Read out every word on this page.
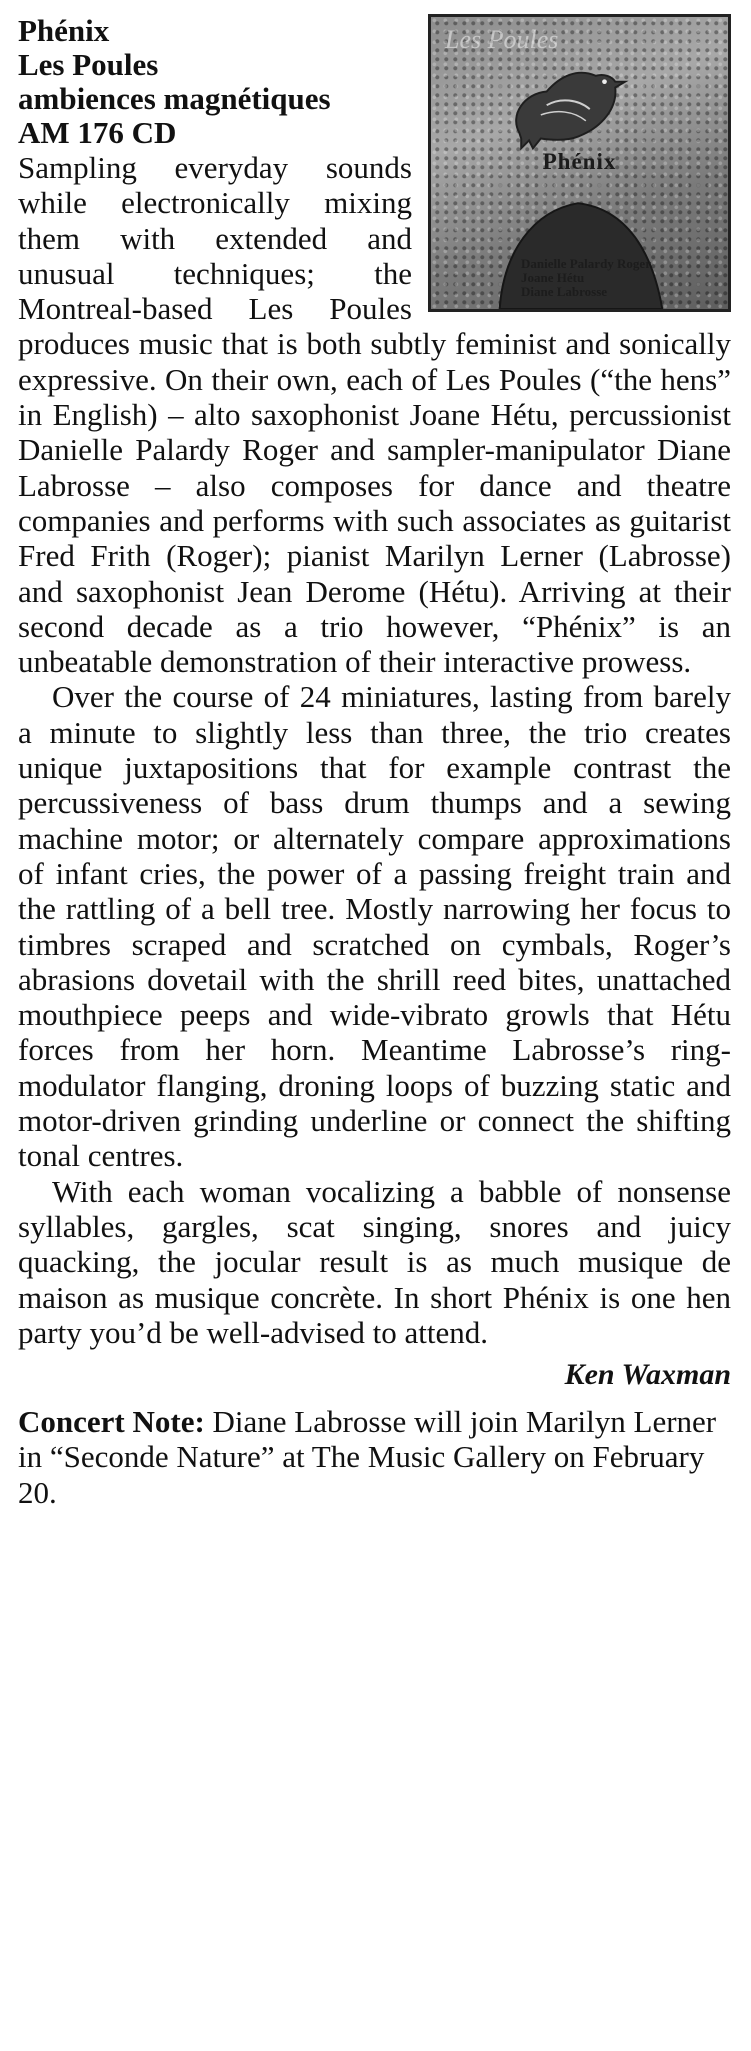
Les Poules
Phénix
Danielle Palardy Roger
Joane Hétu
Diane Labrosse
Phénix
Les Poules
ambiences magnétiques
AM 176 CD

Sampling everyday sounds while electronically mixing them with extended and unusual techniques; the Montreal-based Les Poules produces music that is both subtly feminist and sonically expressive. On their own, each of Les Poules (“the hens” in English) – alto saxophonist Joane Hétu, percussionist Danielle Palardy Roger and sampler-manipulator Diane Labrosse – also composes for dance and theatre companies and performs with such associates as guitarist Fred Frith (Roger); pianist Marilyn Lerner (Labrosse) and saxophonist Jean Derome (Hétu). Arriving at their second decade as a trio however, “Phénix” is an unbeatable demonstration of their interactive prowess.

Over the course of 24 miniatures, lasting from barely a minute to slightly less than three, the trio creates unique juxtapositions that for example contrast the percussiveness of bass drum thumps and a sewing machine motor; or alternately compare approximations of infant cries, the power of a passing freight train and the rattling of a bell tree. Mostly narrowing her focus to timbres scraped and scratched on cymbals, Roger’s abrasions dovetail with the shrill reed bites, unattached mouthpiece peeps and wide-vibrato growls that Hétu forces from her horn. Meantime Labrosse’s ring-modulator flanging, droning loops of buzzing static and motor-driven grinding underline or connect the shifting tonal centres.

With each woman vocalizing a babble of nonsense syllables, gargles, scat singing, snores and juicy quacking, the jocular result is as much musique de maison as musique concrète. In short Phénix is one hen party you’d be well-advised to attend.

Ken Waxman

Concert Note: Diane Labrosse will join Marilyn Lerner in “Seconde Nature” at The Music Gallery on February 20.
